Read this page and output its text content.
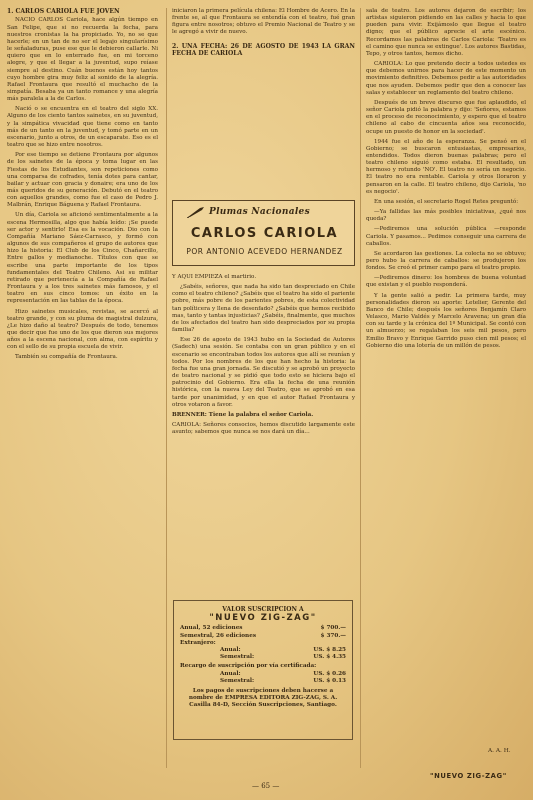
1. CARLOS CARIOLA FUE JOVEN
NACIO CARLOS Cariola, hace algún tiempo en San Felipe, que si no recuerda la fecha, para nuestros cronistas la ha propiciado. Yo, no se que hacerle; en un tan de no ser el legajo singularísimo le señaladuras, puse ese que le debieron callarle. Ni quiero que en lo enterrado fue, en mi torceno alegre, y que el llegar a la juventud, supo reíase siempre al destino. Cuán buenos están hoy tantos cuyo hombre gira muy feliz al sonido de la alegría. Rafael Frontaura que resultó el muchacho de la simpatía. Besaba ya un tanto romance y una alegría más paralela a la de Carlos.
Nació o se encuentra en el teatro del siglo XX. Alguno de los ciento tantos sainetes, en su juventud, y la simpática vivacidad que tiene como en tanto más de un tanto en la juventud, y tomó parte en un escenario, junto a otros, de un escaparate. Eso es el teatro que se hizo entre nosotros.
Por ese tiempo se detiene Frontaura por algunos de los sainetes de la época y toma lugar en las Fiestas de los Estudiantes, son repeticiones como una comparsa de cofrades, tenía dotes para cantar, bailar y actuar con gracia y donaire; era uno de los más queridos de su generación. Debutó en el teatro con aquellos grandes, como fue el caso de Pedro J. Malbrán, Enrique Báguena y Rafael Frontaura.
Un día, Cariola se aficionó sentimentalmente a la escena Hermosilla, algo que había leído: ¡Se puede ser actor y sentirlo! Esa es la vocación. Dio con la Compañía Mariano Sáez-Carrasco, y formó con algunos de sus compañeros el grupo de autores que hizo la historia: El Club de los Cinco, Chañarcillo, Entre gallos y medianoche. Títulos con que se escribe una parte importante de los tipos fundamentales del Teatro Chileno. Asi su militar retirado que pertenecía a la Compañía de Rafael Frontaura y a los tres sainetes más famosos, y el teatro en sus cinco tomos: un éxito en la representación en las tablas de la época.
Hizo sainetes musicales, revistas, se acercó al teatro grande, y con su pluma de magistral dulzura, ¿Le hizo daño al teatro? Después de todo, tenemos que decir que fue uno de los que dieron sus mejores años a la escena nacional, con alma, con espíritu y con el sello de su propia escuela de vivir.
También su compañía de Frontaura.
iniciaron la primera película chilena: El Hombre de Acero. En la frente se, al que Frontaura se entendía con el teatro, fué gran figura entre nosotros; obtuvo el Premio Nacional de Teatro y se le agregó a vivir de nuevo.
2. UNA FECHA: 26 DE AGOSTO DE 1943 LA GRAN FECHA DE CARIOLA
Plumas Nacionales
CARLOS CARIOLA
POR ANTONIO ACEVEDO HERNANDEZ
Y AQUI EMPIEZA el martirio.
¿Sabéis, señores, que nada ha sido tan despreciado en Chile como el teatro chileno? ¿Sabéis que el teatro ha sido el pariente pobre, más pobre de los parientes pobres, de esta colectividad tan políticera y llena de desenfado? ¿Sabéis que hemos recibido mas, tanto y tantas injusticias? ¿Sabéis, finalmente, que muchos de los afectados del teatro han sido despreciados por su propia familia?
Ese 26 de agosto de 1943 hubo en la Sociedad de Autores (Sadech) una sesión. Se contaba con un gran público y en el escenario se encontraban todos los autores que allí se reunían y todos. Por los nombres de los que han hecho la historia: la fecha fue una gran jornada. Se discutió y se aprobó un proyecto de teatro nacional y se pidió que todo esto se hiciera bajo el patrocinio del Gobierno. Era ella la fecha de una reunión histórica, con la nueva Ley del Teatro, que se aprobó en esa tarde por unanimidad, y en que el autor Rafael Frontaura y otros votaron a favor.
BRENNER: Tiene la palabra el señor Cariola.
CARIOLA: Señores consocios, hemos discutido largamente este asunto; sabemos que nunca se nos dará un día...
VALOR SUSCRIPCION A
"NUEVO ZIG-ZAG"
Anual, 52 ediciones	$ 700.—
Semestral, 26 ediciones	$ 370.—
Extranjero:
Anual:	US. $ 8.25
Semestral:	US. $ 4.35
Recargo de suscripción por vía certificada:
Anual:	US. $ 0.26
Semestral:	US. $ 0.13
Los pagos de suscripciones deben hacerse a nombre de EMPRESA EDITORA ZIG-ZAG, S. A. Casilla 84-D, Sección Suscripciones, Santiago.
sala de teatro. Los autores dejaron de escribir; los artistas siguieron pidiendo en las calles y hacia lo que pueden para vivir. Exijámoslo que llegue el teatro digno; que el público aprecie el arte escénico. Recordamos las palabras de Carlos Cariola: 'Teatro es el camino que nunca se extingue'. Los autores Bastidas, Tepo, y otros tantos, hemos dicho.
CARIOLA: Lo que pretendo decir a todos ustedes es que debemos unirnos para hacer de este momento un movimiento definitivo. Debemos pedir a las autoridades que nos ayuden. Debemos pedir que den a conocer las salas y establecer un reglamento del teatro chileno.
Después de un breve discurso que fue aplaudido, el señor Cariola pidió la palabra y dijo: 'Señores, estamos en el proceso de reconocimiento, y espero que el teatro chileno al cabo de cincuenta años sea reconocido, ocupe un puesto de honor en la sociedad'.
1944 fue el año de la esperanza. Se pensó en el Gobierno; se buscaron entusiastas, empresarios, entendidos. Todos dieron buenas palabras; pero el teatro chileno siguió como estaba. El resultado, un hermoso y rotundo 'NO'. El teatro no sería un negocio. El teatro no era rentable. Cariola y otros lloraron y pensaron en la calle. El teatro chileno, dijo Cariola, 'no es negocio'.
En una sesión, el secretario Rogel Retes preguntó:
—Ya fallidas las más posibles iniciativas, ¿qué nos queda?
—Pediremos una solución pública —responde Cariola. Y pasamos... Pedimos conseguir una carrera de caballos.
Se acordaron las gestiones. La colecta no se obtuvo; pero hubo la carrera de caballos: se produjeron los fondos. Se creó el primer campo para el teatro propio.
—Pediremos dinero: los hombres de buena voluntad que existan y el pueblo responderá.
Y la gente salió a pedir. La primera tarde, muy personalidades dieron su aporte: Letelier, Gerente del Banco de Chile; después los señores Benjamín Claro Velasco, Mario Valdés y Marcelo Aravena; un gran día con su tarde y la crónica del 1º Municipal. Se contó con un almuerzo; se regalaban los seis mil pesos, pero Emilio Bravo y Enrique Garrido puso cien mil pesos; el Gobierno dio una lotería de un millón de pesos.
A. A. H.
"NUEVO ZIG-ZAG"
— 65 —
